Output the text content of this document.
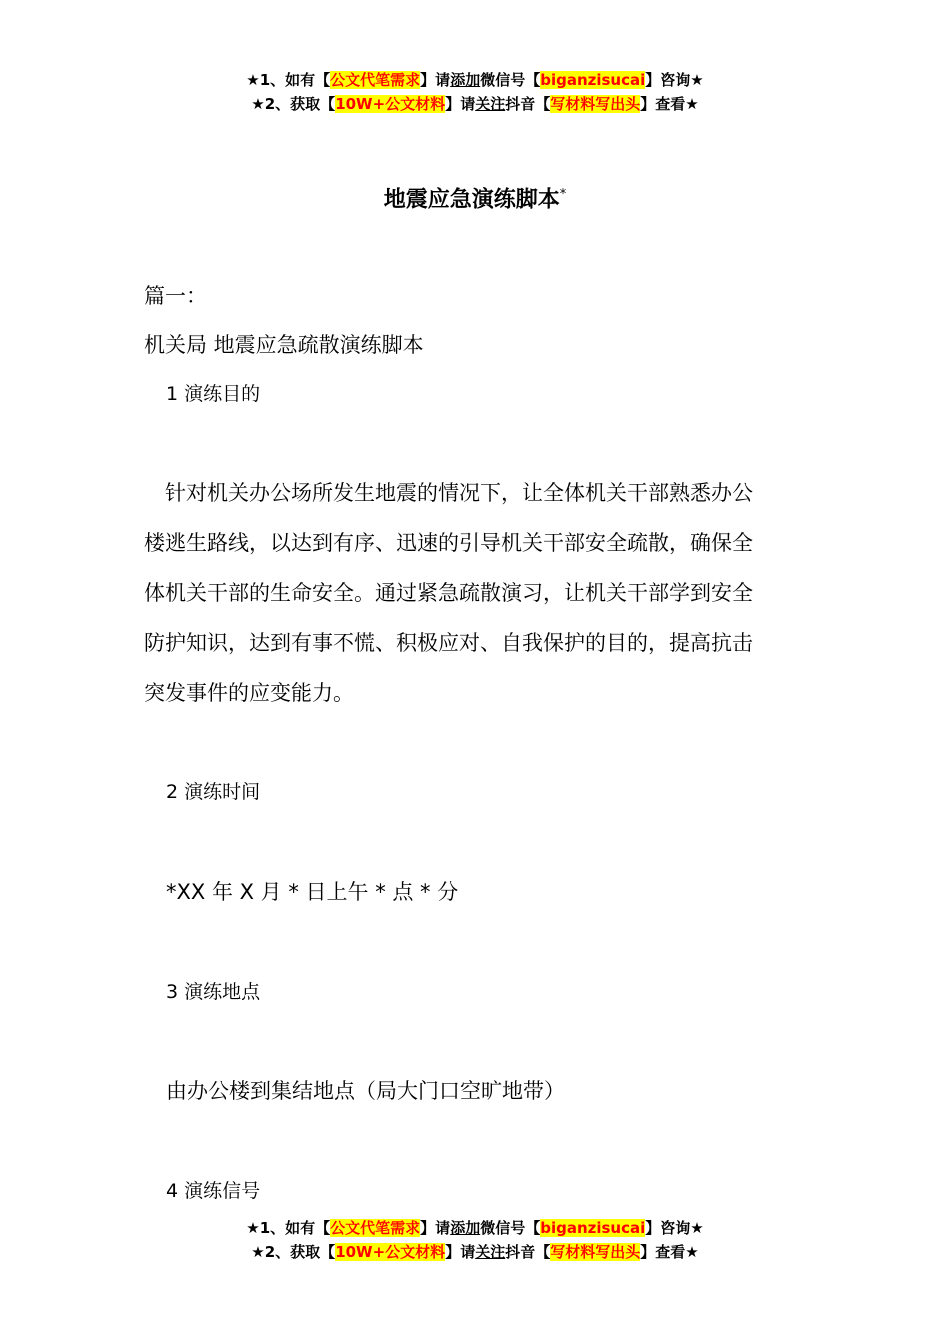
★1、如有【公文代笔需求】请添加微信号【biganzisucai】咨询★
★2、获取【10W+公文材料】请关注抖音【写材料写出头】查看★
地震应急演练脚本*
篇一：
机关局 地震应急疏散演练脚本
1 演练目的
　针对机关办公场所发生地震的情况下，让全体机关干部熟悉办公
楼逃生路线，以达到有序、迅速的引导机关干部安全疏散，确保全
体机关干部的生命安全。通过紧急疏散演习，让机关干部学到安全
防护知识，达到有事不慌、积极应对、自我保护的目的，提高抗击
突发事件的应变能力。
2 演练时间
*XX 年 X 月 * 日上午 * 点 * 分
3 演练地点
由办公楼到集结地点（局大门口空旷地带）
4 演练信号
★1、如有【公文代笔需求】请添加微信号【biganzisucai】咨询★
★2、获取【10W+公文材料】请关注抖音【写材料写出头】查看★
